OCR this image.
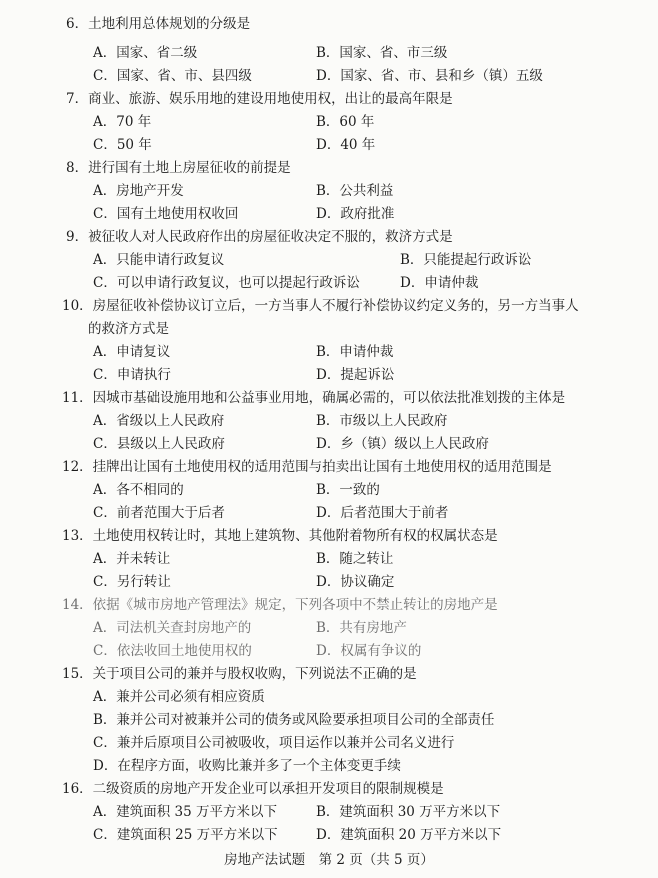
6．土地利用总体规划的分级是
A．国家、省二级	B．国家、省、市三级
C．国家、省、市、县四级	D．国家、省、市、县和乡（镇）五级
7．商业、旅游、娱乐用地的建设用地使用权，出让的最高年限是
A．70 年	B．60 年
C．50 年	D．40 年
8．进行国有土地上房屋征收的前提是
A．房地产开发	B．公共利益
C．国有土地使用权收回	D．政府批准
9．被征收人对人民政府作出的房屋征收决定不服的，救济方式是
A．只能申请行政复议	B．只能提起行政诉讼
C．可以申请行政复议，也可以提起行政诉讼	D．申请仲裁
10．房屋征收补偿协议订立后，一方当事人不履行补偿协议约定义务的，另一方当事人
的救济方式是
A．申请复议	B．申请仲裁
C．申请执行	D．提起诉讼
11．因城市基础设施用地和公益事业用地，确属必需的，可以依法批准划拨的主体是
A．省级以上人民政府	B．市级以上人民政府
C．县级以上人民政府	D．乡（镇）级以上人民政府
12．挂牌出让国有土地使用权的适用范围与拍卖出让国有土地使用权的适用范围是
A．各不相同的	B．一致的
C．前者范围大于后者	D．后者范围大于前者
13．土地使用权转让时，其地上建筑物、其他附着物所有权的权属状态是
A．并未转让	B．随之转让
C．另行转让	D．协议确定
14．依据《城市房地产管理法》规定，下列各项中不禁止转让的房地产是
A．司法机关查封房地产的	B．共有房地产
C．依法收回土地使用权的	D．权属有争议的
15．关于项目公司的兼并与股权收购，下列说法不正确的是
A．兼并公司必须有相应资质
B．兼并公司对被兼并公司的债务或风险要承担项目公司的全部责任
C．兼并后原项目公司被吸收，项目运作以兼并公司名义进行
D．在程序方面，收购比兼并多了一个主体变更手续
16．二级资质的房地产开发企业可以承担开发项目的限制规模是
A．建筑面积 35 万平方米以下	B．建筑面积 30 万平方米以下
C．建筑面积 25 万平方米以下	D．建筑面积 20 万平方米以下
房地产法试题　第 2 页（共 5 页）
